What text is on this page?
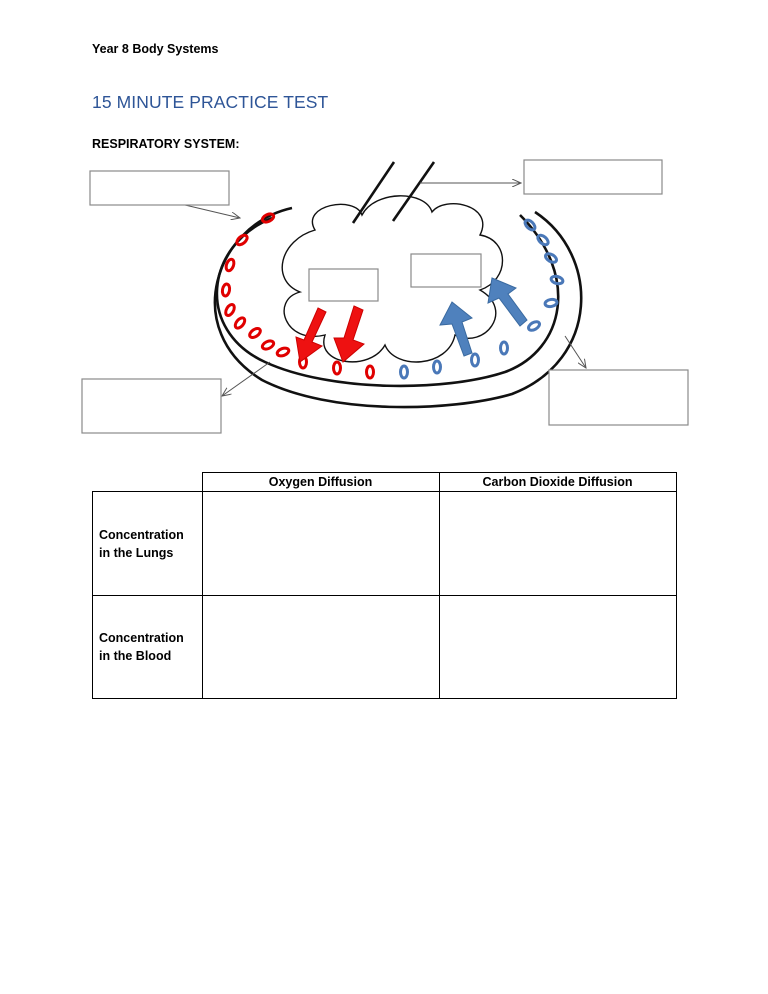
Year 8 Body Systems
15 MINUTE PRACTICE TEST
RESPIRATORY SYSTEM:
	Oxygen Diffusion	Carbon Dioxide Diffusion
Concentration in the Lungs		
Concentration in the Blood		
